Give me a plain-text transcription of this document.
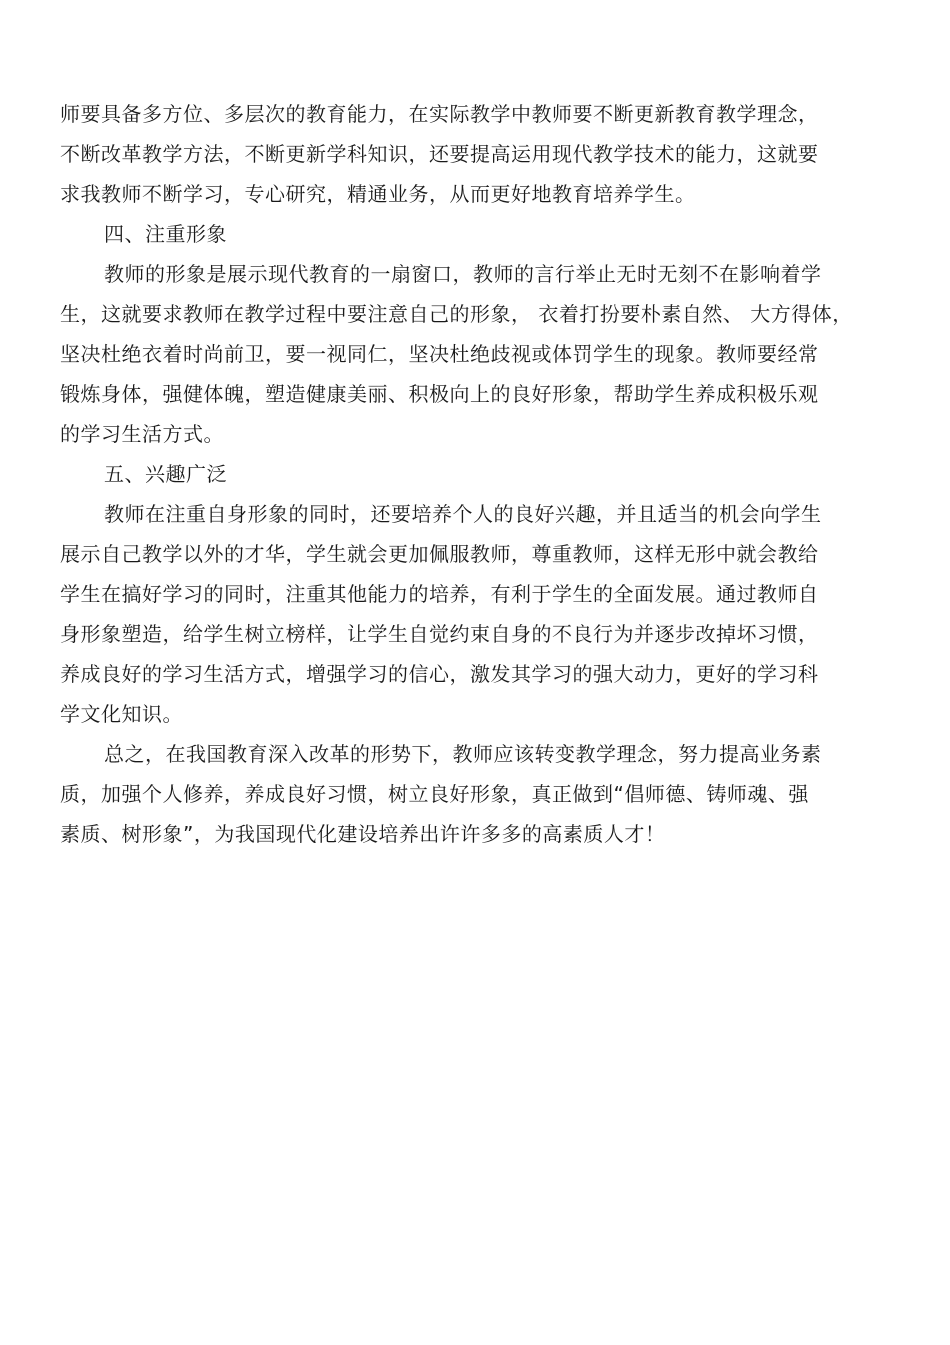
师要具备多方位、多层次的教育能力，在实际教学中教师要不断更新教育教学理念，
不断改革教学方法，不断更新学科知识，还要提高运用现代教学技术的能力，这就要
求我教师不断学习，专心研究，精通业务，从而更好地教育培养学生。
四、注重形象
教师的形象是展示现代教育的一扇窗口，教师的言行举止无时无刻不在影响着学
生，这就要求教师在教学过程中要注意自己的形象， 衣着打扮要朴素自然、 大方得体，
坚决杜绝衣着时尚前卫，要一视同仁，坚决杜绝歧视或体罚学生的现象。教师要经常
锻炼身体，强健体魄，塑造健康美丽、积极向上的良好形象，帮助学生养成积极乐观
的学习生活方式。
五、兴趣广泛
教师在注重自身形象的同时，还要培养个人的良好兴趣，并且适当的机会向学生
展示自己教学以外的才华，学生就会更加佩服教师，尊重教师，这样无形中就会教给
学生在搞好学习的同时，注重其他能力的培养，有利于学生的全面发展。通过教师自
身形象塑造，给学生树立榜样，让学生自觉约束自身的不良行为并逐步改掉坏习惯，
养成良好的学习生活方式，增强学习的信心，激发其学习的强大动力，更好的学习科
学文化知识。
总之，在我国教育深入改革的形势下，教师应该转变教学理念，努力提高业务素
质，加强个人修养，养成良好习惯，树立良好形象，真正做到“倡师德、铸师魂、强
素质、树形象”，为我国现代化建设培养出许许多多的高素质人才！
